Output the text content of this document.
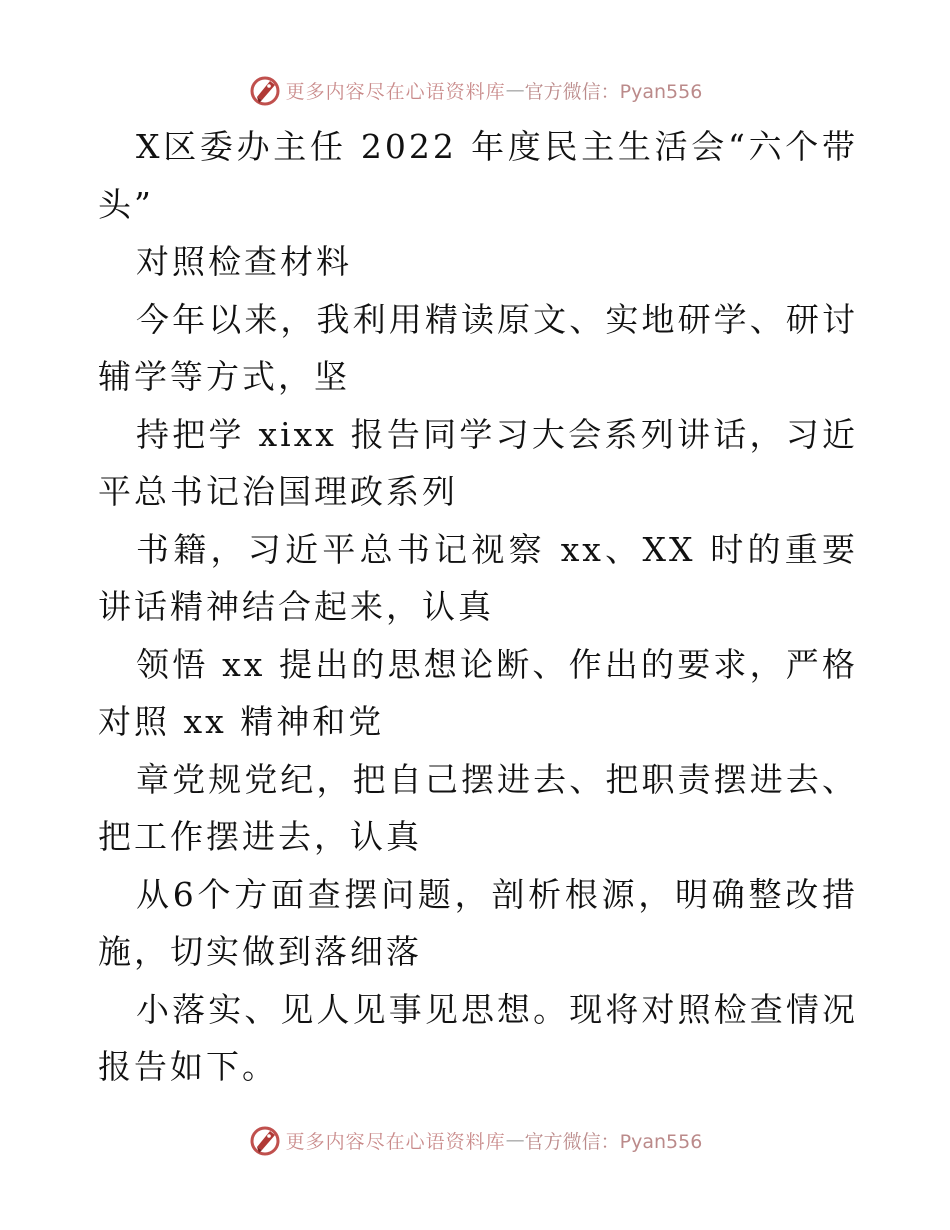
更多内容尽在心语资料库 — 官方微信：Pyan556

X区委办主任 2022 年度民主生活会“六个带头”

对照检查材料

今年以来，我利用精读原文、实地研学、研讨辅学等方式，坚

持把学 xixx 报告同学习大会系列讲话，习近平总书记治国理政系列

书籍，习近平总书记视察 xx、XX 时的重要讲话精神结合起来，认真

领悟 xx 提出的思想论断、作出的要求，严格对照 xx 精神和党

章党规党纪，把自己摆进去、把职责摆进去、把工作摆进去，认真

从6个方面查摆问题，剖析根源，明确整改措施，切实做到落细落

小落实、见人见事见思想。现将对照检查情况报告如下。

更多内容尽在心语资料库 — 官方微信：Pyan556
